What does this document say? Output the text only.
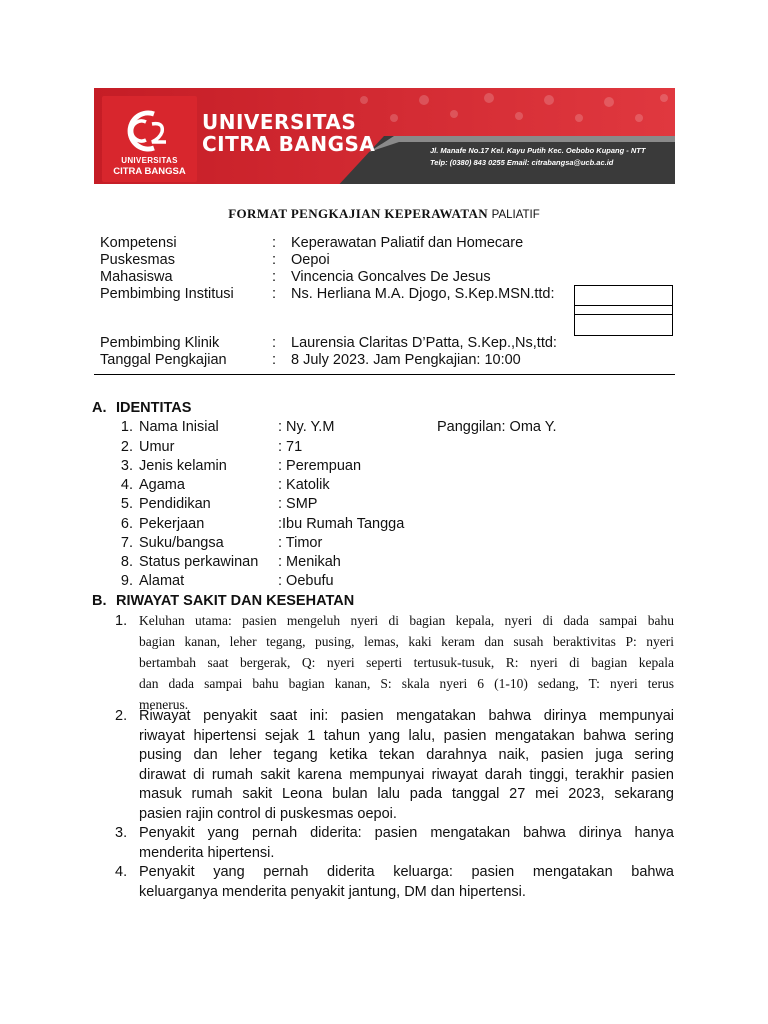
UNIVERSITAS
CITRA BANGSA
UNIVERSITAS
CITRA BANGSA	Jl. Manafe No.17 Kel. Kayu Putih Kec. Oebobo Kupang - NTT
Telp: (0380) 843 0255 Email: citrabangsa@ucb.ac.id
FORMAT PENGKAJIAN KEPERAWATAN PALIATIF
Kompetensi	: Keperawatan Paliatif dan Homecare
Puskesmas	: Oepoi
Mahasiswa	: Vincencia Goncalves De Jesus
Pembimbing Institusi	: Ns. Herliana M.A. Djogo, S.Kep.MSN.ttd:
Pembimbing Klinik	: Laurensia Claritas D’Patta, S.Kep.,Ns,ttd:
Tanggal Pengkajian	: 8 July 2023. Jam Pengkajian: 10:00
A. IDENTITAS
1. Nama Inisial	: Ny. Y.M	Panggilan: Oma Y.
2. Umur	: 71
3. Jenis kelamin	: Perempuan
4. Agama	: Katolik
5. Pendidikan	: SMP
6. Pekerjaan	:Ibu Rumah Tangga
7. Suku/bangsa	: Timor
8. Status perkawinan : Menikah
9. Alamat	: Oebufu
B. RIWAYAT SAKIT DAN KESEHATAN
1. Keluhan utama: pasien mengeluh nyeri di bagian kepala, nyeri di dada sampai bahu
bagian kanan, leher tegang, pusing, lemas, kaki keram dan susah beraktivitas P: nyeri
bertambah saat bergerak, Q: nyeri seperti tertusuk-tusuk, R: nyeri di bagian kepala
dan dada sampai bahu bagian kanan, S: skala nyeri 6 (1-10) sedang, T: nyeri terus
menerus.
2. Riwayat penyakit saat ini: pasien mengatakan bahwa dirinya mempunyai
riwayat hipertensi sejak 1 tahun yang lalu, pasien mengatakan bahwa sering
pusing dan leher tegang ketika tekan darahnya naik, pasien juga sering
dirawat di rumah sakit karena mempunyai riwayat darah tinggi, terakhir pasien
masuk rumah sakit Leona bulan lalu pada tanggal 27 mei 2023, sekarang
pasien rajin control di puskesmas oepoi.
3. Penyakit yang pernah diderita: pasien mengatakan bahwa dirinya hanya
menderita hipertensi.
4. Penyakit yang pernah diderita keluarga: pasien mengatakan bahwa
keluarganya menderita penyakit jantung, DM dan hipertensi.
